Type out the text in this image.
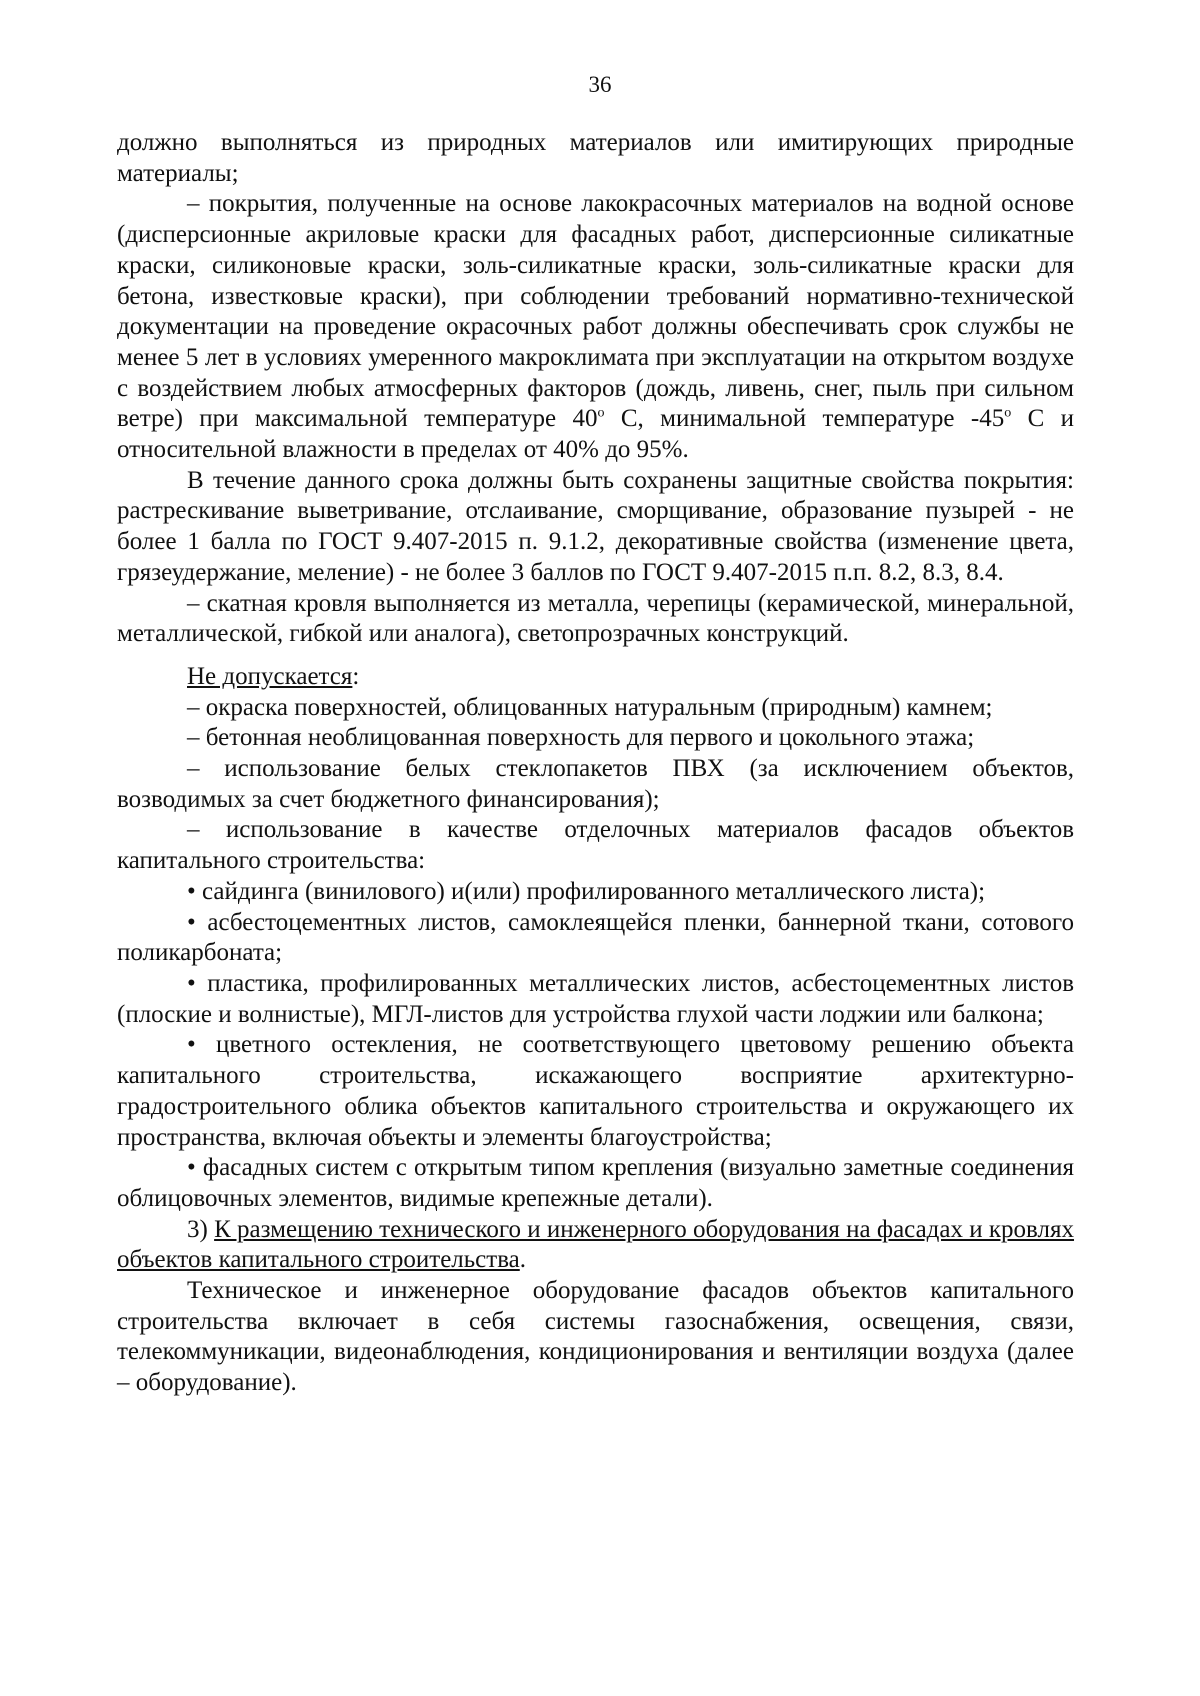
36

должно выполняться из природных материалов или имитирующих природные материалы;

– покрытия, полученные на основе лакокрасочных материалов на водной основе (дисперсионные акриловые краски для фасадных работ, дисперсионные силикатные краски, силиконовые краски, золь-силикатные краски, золь-силикатные краски для бетона, известковые краски), при соблюдении требований нормативно-технической документации на проведение окрасочных работ должны обеспечивать срок службы не менее 5 лет в условиях умеренного макроклимата при эксплуатации на открытом воздухе с воздействием любых атмосферных факторов (дождь, ливень, снег, пыль при сильном ветре) при максимальной температуре 40$^o$ С, минимальной температуре -45$^o$ С и относительной влажности в пределах от 40% до 95%.

В течение данного срока должны быть сохранены защитные свойства покрытия: растрескивание выветривание, отслаивание, сморщивание, образование пузырей - не более 1 балла по ГОСТ 9.407-2015 п. 9.1.2, декоративные свойства (изменение цвета, грязеудержание, меление) - не более 3 баллов по ГОСТ 9.407-2015 п.п. 8.2, 8.3, 8.4.

– скатная кровля выполняется из металла, черепицы (керамической, минеральной, металлической, гибкой или аналога), светопрозрачных конструкций.

Не допускается:

– окраска поверхностей, облицованных натуральным (природным) камнем;

– бетонная необлицованная поверхность для первого и цокольного этажа;

– использование белых стеклопакетов ПВХ (за исключением объектов, возводимых за счет бюджетного финансирования);

– использование в качестве отделочных материалов фасадов объектов капитального строительства:

• сайдинга (винилового) и(или) профилированного металлического листа);

• асбестоцементных листов, самоклеящейся пленки, баннерной ткани, сотового поликарбоната;

• пластика, профилированных металлических листов, асбестоцементных листов (плоские и волнистые), МГЛ-листов для устройства глухой части лоджии или балкона;

• цветного остекления, не соответствующего цветовому решению объекта капитального строительства, искажающего восприятие архитектурно-градостроительного облика объектов капитального строительства и окружающего их пространства, включая объекты и элементы благоустройства;

• фасадных систем с открытым типом крепления (визуально заметные соединения облицовочных элементов, видимые крепежные детали).

3) К размещению технического и инженерного оборудования на фасадах и кровлях объектов капитального строительства.

Техническое и инженерное оборудование фасадов объектов капитального строительства включает в себя системы газоснабжения, освещения, связи, телекоммуникации, видеонаблюдения, кондиционирования и вентиляции воздуха (далее – оборудование).
